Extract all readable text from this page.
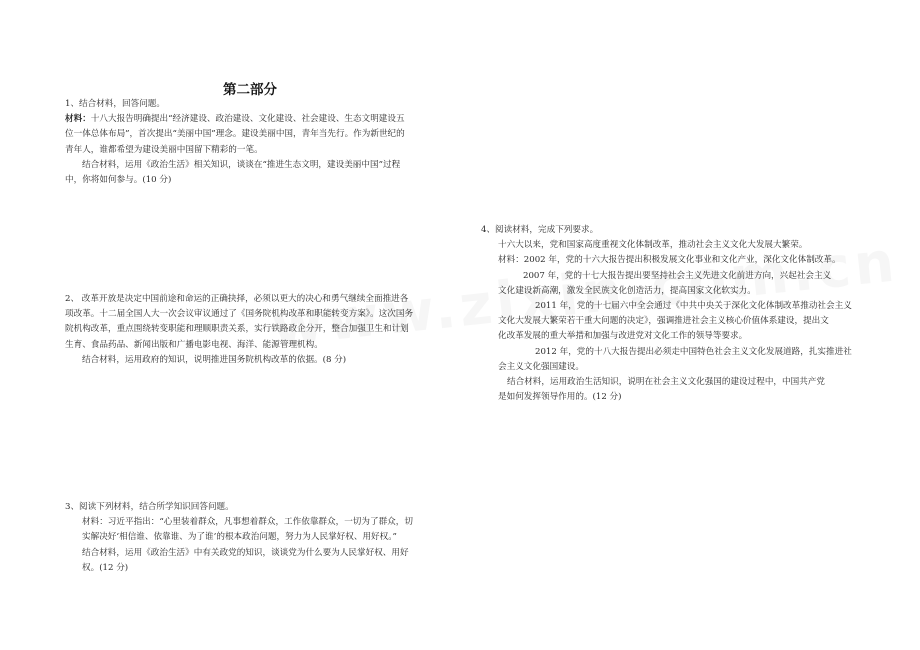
第二部分
1、结合材料，回答问题。
材料：十八大报告明确提出“经济建设、政治建设、文化建设、社会建设、生态文明建设五
位一体总体布局”，首次提出“美丽中国”理念。建设美丽中国，青年当先行。作为新世纪的
青年人，谁都希望为建设美丽中国留下精彩的一笔。
结合材料，运用《政治生活》相关知识，谈谈在“推进生态文明，建设美丽中国”过程
中，你将如何参与。(10 分)
2、 改革开放是决定中国前途和命运的正确抉择，必须以更大的决心和勇气继续全面推进各
项改革。十二届全国人大一次会议审议通过了《国务院机构改革和职能转变方案》。这次国务
院机构改革，重点围绕转变职能和理顺职责关系，实行铁路政企分开，整合加强卫生和计划
生育、食品药品、新闻出版和广播电影电视、海洋、能源管理机构。
结合材料，运用政府的知识，说明推进国务院机构改革的依据。(8 分)
3、阅读下列材料，结合所学知识回答问题。
材料：习近平指出：“心里装着群众，凡事想着群众，工作依靠群众，一切为了群众，切
实解决好‘相信谁、依靠谁、为了谁’的根本政治问题，努力为人民掌好权、用好权。”
结合材料，运用《政治生活》中有关政党的知识，谈谈党为什么要为人民掌好权、用好
权。(12 分)
4、阅读材料，完成下列要求。
十六大以来，党和国家高度重视文化体制改革，推动社会主义文化大发展大繁荣。
材料：2002 年，党的十六大报告提出积极发展文化事业和文化产业，深化文化体制改革。
2007 年，党的十七大报告提出要坚持社会主义先进文化前进方向，兴起社会主义
文化建设新高潮，激发全民族文化创造活力，提高国家文化软实力。
2011 年，党的十七届六中全会通过《中共中央关于深化文化体制改革推动社会主义
文化大发展大繁荣若干重大问题的决定》，强调推进社会主义核心价值体系建设，提出文
化改革发展的重大举措和加强与改进党对文化工作的领导等要求。
2012 年，党的十八大报告提出必须走中国特色社会主义文化发展道路，扎实推进社
会主义文化强国建设。
结合材料，运用政治生活知识，说明在社会主义文化强国的建设过程中，中国共产党
是如何发挥领导作用的。(12 分)
